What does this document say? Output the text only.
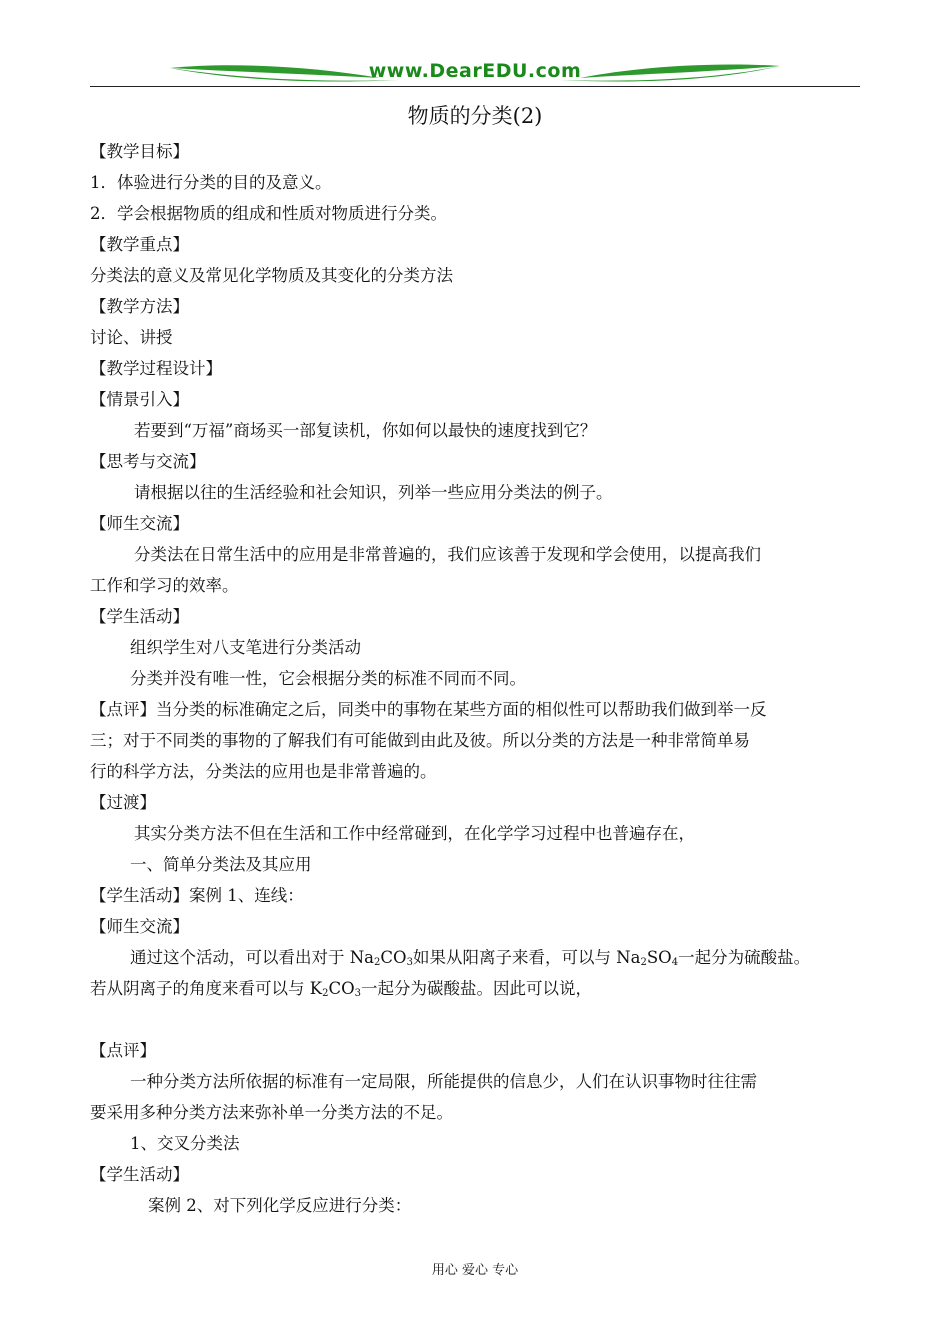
www.DearEDU.com
物质的分类(2)
【教学目标】
1．体验进行分类的目的及意义。
2．学会根据物质的组成和性质对物质进行分类。
【教学重点】
分类法的意义及常见化学物质及其变化的分类方法
【教学方法】
讨论、讲授
【教学过程设计】
【情景引入】
若要到“万福”商场买一部复读机，你如何以最快的速度找到它？
【思考与交流】
请根据以往的生活经验和社会知识，列举一些应用分类法的例子。
【师生交流】
分类法在日常生活中的应用是非常普遍的，我们应该善于发现和学会使用，以提高我们
工作和学习的效率。
【学生活动】
组织学生对八支笔进行分类活动
分类并没有唯一性，它会根据分类的标准不同而不同。
【点评】当分类的标准确定之后，同类中的事物在某些方面的相似性可以帮助我们做到举一反
三；对于不同类的事物的了解我们有可能做到由此及彼。所以分类的方法是一种非常简单易
行的科学方法，分类法的应用也是非常普遍的。
【过渡】
其实分类方法不但在生活和工作中经常碰到，在化学学习过程中也普遍存在，
一、简单分类法及其应用
【学生活动】案例 1、连线：
【师生交流】
通过这个活动，可以看出对于 $Na_2CO_3$如果从阳离子来看，可以与 $Na_2SO_4$一起分为硫酸盐。
若从阴离子的角度来看可以与 $K_2CO_3$一起分为碳酸盐。因此可以说，
【点评】
一种分类方法所依据的标准有一定局限，所能提供的信息少，人们在认识事物时往往需
要采用多种分类方法来弥补单一分类方法的不足。
1、交叉分类法
【学生活动】
案例 2、对下列化学反应进行分类：
用心 爱心 专心
